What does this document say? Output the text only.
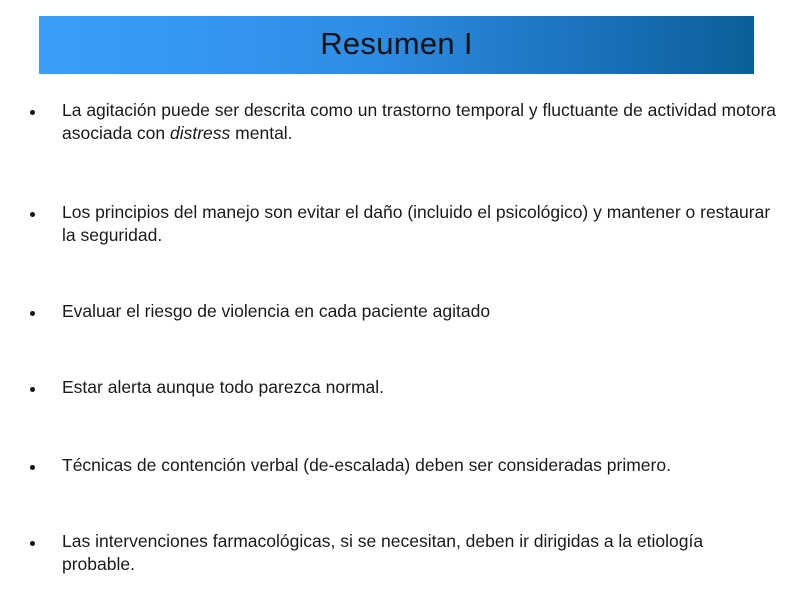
Resumen I
La agitación puede ser descrita como un trastorno temporal y fluctuante de actividad motora asociada con distress mental.
Los principios del manejo son evitar el daño (incluido el psicológico) y mantener o restaurar la seguridad.
Evaluar el riesgo de violencia en cada paciente agitado
Estar alerta aunque todo parezca normal.
Técnicas de contención verbal (de-escalada) deben ser consideradas primero.
Las intervenciones farmacológicas, si se necesitan, deben ir dirigidas a la etiología probable.
